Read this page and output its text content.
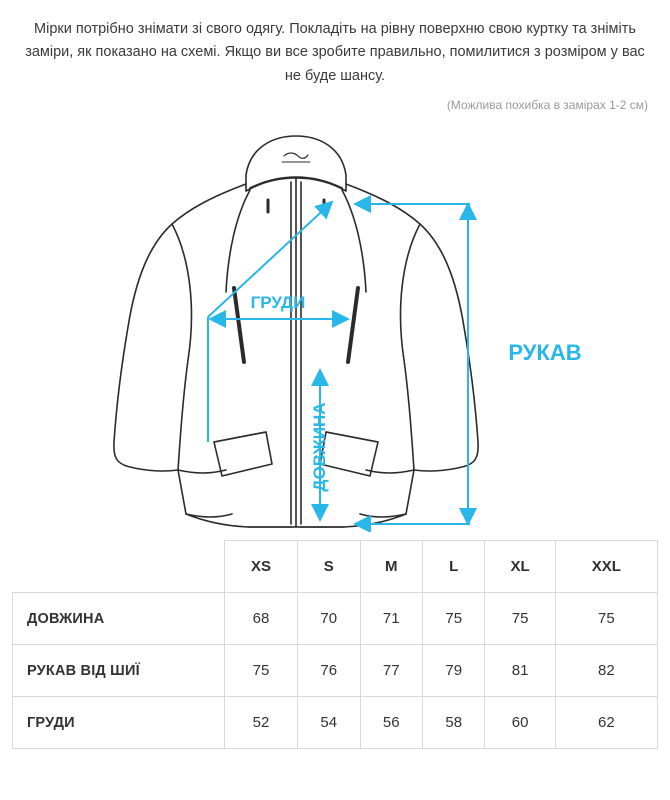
Мірки потрібно знімати зі свого одягу. Покладіть на рівну поверхню свою куртку та зніміть заміри, як показано на схемі. Якщо ви все зробите правильно, помилитися з розміром у вас не буде шансу.
(Можлива похибка в замірах 1-2 см)
ГРУДИ
ДОВЖИНА
РУКАВ
	XS	S	M	L	XL	XXL
ДОВЖИНА	68	70	71	75	75	75
РУКАВ ВІД ШИЇ	75	76	77	79	81	82
ГРУДИ	52	54	56	58	60	62
